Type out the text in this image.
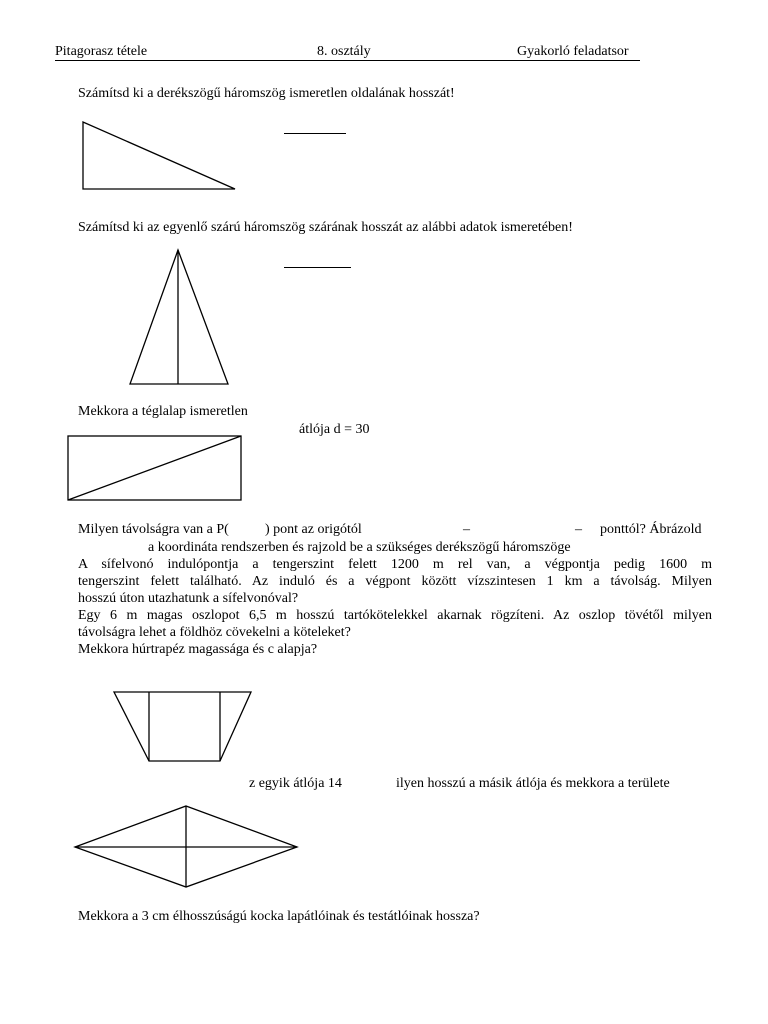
Pitagorasz tétele	8. osztály	Gyakorló feladatsor
Számítsd ki a derékszögű háromszög ismeretlen oldalának hosszát!
Számítsd ki az egyenlő szárú háromszög szárának hosszát az alábbi adatok ismeretében!
Mekkora a téglalap ismeretlen
átlója d = 30
Milyen távolságra van a P(	) pont az origótól	–	– ponttól? Ábrázold
a koordináta rendszerben és rajzold be a szükséges derékszögű háromszöge
A sífelvonó indulópontja a tengerszint felett 1200 m rel van, a végpontja pedig 1600 m
tengerszint felett található. Az induló és a végpont között vízszintesen 1 km a távolság. Milyen
hosszú úton utazhatunk a sífelvonóval?
Egy 6 m magas oszlopot 6,5 m hosszú tartókötelekkel akarnak rögzíteni. Az oszlop tövétől milyen
távolságra lehet a földhöz cövekelni a köteleket?
Mekkora húrtrapéz magassága és c alapja?
z egyik átlója 14	ilyen hosszú a másik átlója és mekkora a területe
Mekkora a 3 cm élhosszúságú kocka lapátlóinak és testátlóinak hossza?
